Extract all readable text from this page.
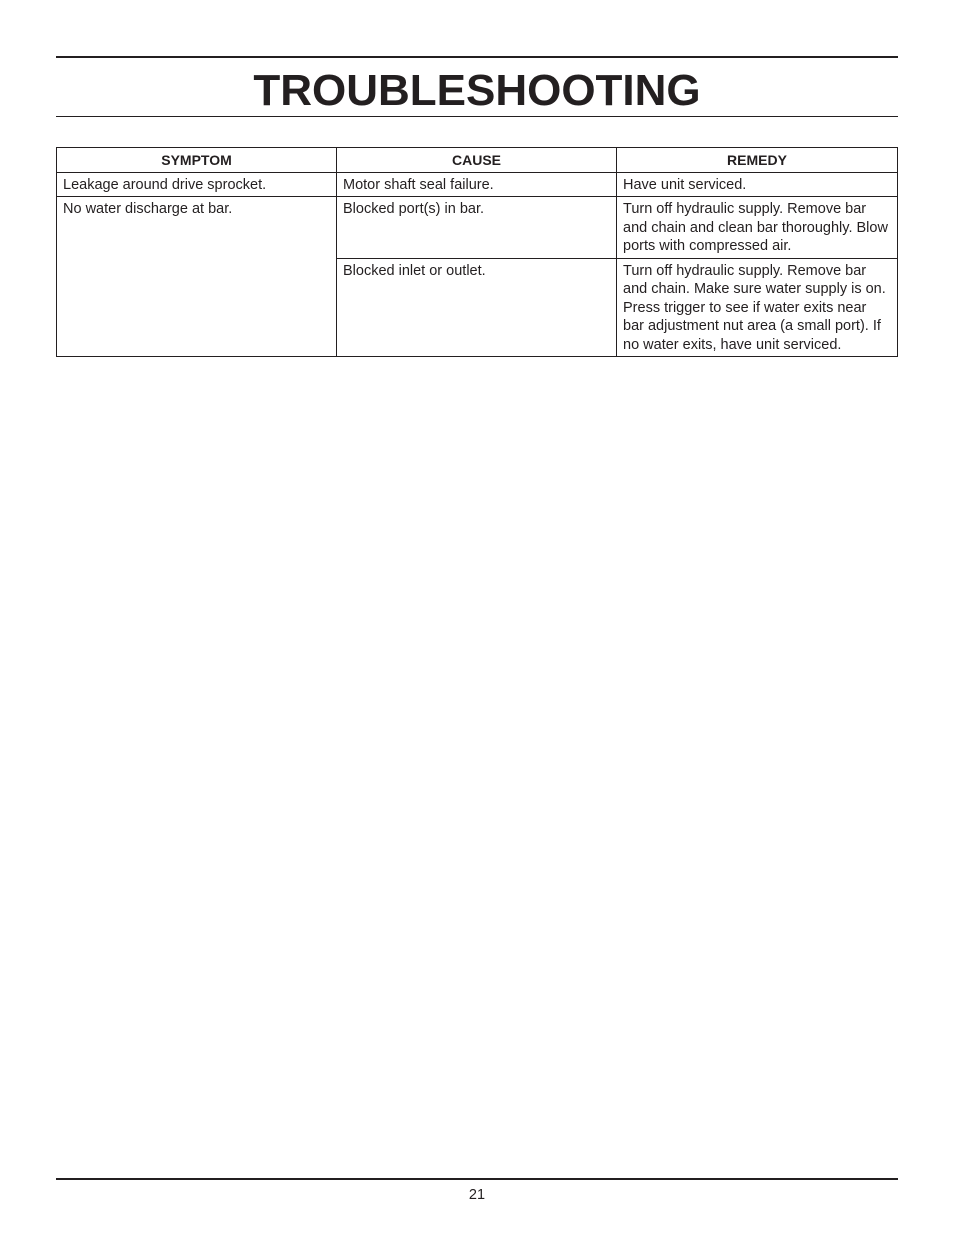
TROUBLESHOOTING
SYMPTOM	CAUSE	REMEDY
Leakage around drive sprocket.	Motor shaft seal failure.	Have unit serviced.
No water discharge at bar.	Blocked port(s) in bar.	Turn off hydraulic supply. Remove bar and chain and clean bar thoroughly. Blow ports with compressed air.
	Blocked inlet or outlet.	Turn off hydraulic supply. Remove bar and chain. Make sure water supply is on. Press trigger to see if water exits near bar adjustment nut area (a small port). If no water exits, have unit serviced.
21
